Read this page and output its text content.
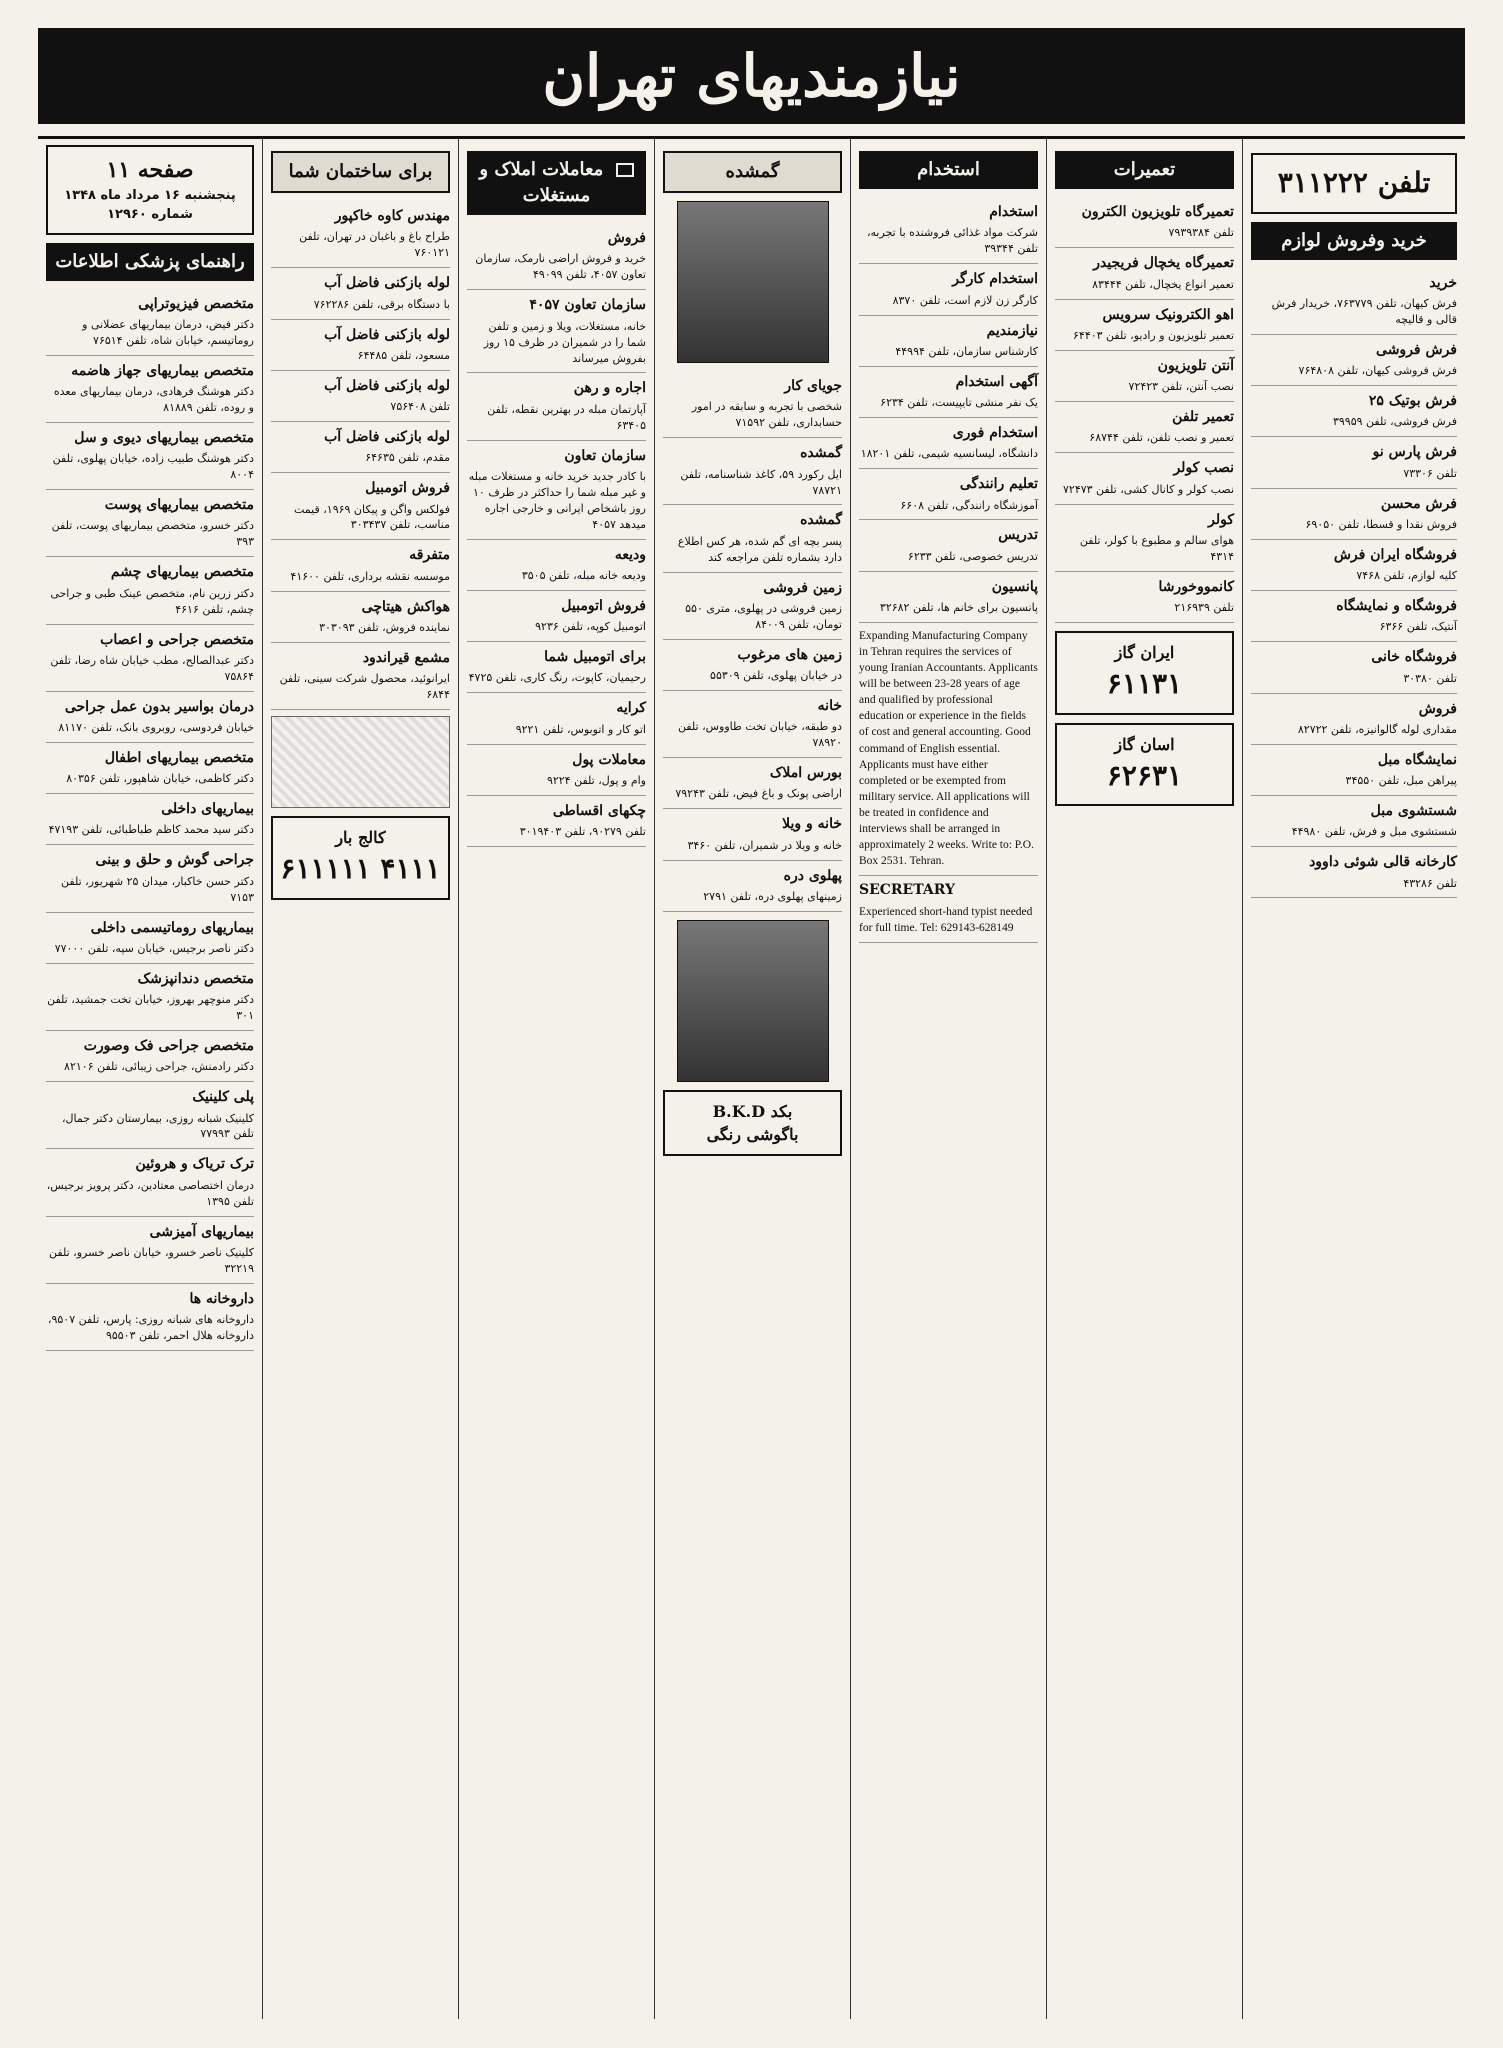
نیازمندیهای تهران
تلفن ۳۱۱۲۲۲
خرید وفروش لوازم
خرید

فرش کیهان، تلفن ۷۶۳۷۷۹، خریدار فرش قالی و قالیچه

فرش فروشی

فرش فروشی کیهان، تلفن ۷۶۴۸۰۸

فرش بوتیک ۲۵

فرش فروشی، تلفن ۳۹۹۵۹

فرش پارس نو

تلفن ۷۳۳۰۶

فرش محسن

فروش نقدا و قسطا، تلفن ۶۹۰۵۰

فروشگاه ایران فرش

کلیه لوازم، تلفن ۷۴۶۸

فروشگاه و نمایشگاه

آنتیک، تلفن ۶۳۶۶

فروشگاه خانی

تلفن ۳۰۳۸۰

فروش

مقداری لوله گالوانیزه، تلفن ۸۲۷۲۲

نمایشگاه مبل

پیراهن مبل، تلفن ۳۴۵۵۰

شستشوی مبل

شستشوی مبل و فرش، تلفن ۴۴۹۸۰

کارخانه قالی شوئی داوود

تلفن ۴۳۲۸۶

تعمیرات
تعمیرگاه تلویزیون الکترون

تلفن ۷۹۳۹۳۸۴

تعمیرگاه یخچال فریجیدر

تعمیر انواع یخچال، تلفن ۸۳۴۴۴

اهو الکترونیک سرویس

تعمیر تلویزیون و رادیو، تلفن ۶۴۴۰۳

آنتن تلویزیون

نصب آنتن، تلفن ۷۲۴۲۳

تعمیر تلفن

تعمیر و نصب تلفن، تلفن ۶۸۷۴۴

نصب کولر

نصب کولر و کانال کشی، تلفن ۷۲۴۷۳

کولر

هوای سالم و مطبوع با کولر، تلفن ۴۳۱۴

کانمووخورشا

تلفن ۲۱۶۹۳۹

ایران گاز
۶۱۱۳۱
اسان گاز
۶۲۶۳۱
استخدام
استخدام

شرکت مواد غذائی فروشنده با تجربه، تلفن ۳۹۳۴۴

استخدام کارگر

کارگر زن لازم است، تلفن ۸۳۷۰

نیازمندیم

کارشناس سازمان، تلفن ۴۴۹۹۴

آگهی استخدام

یک نفر منشی تایپیست، تلفن ۶۲۳۴

استخدام فوری

دانشگاه، لیسانسیه شیمی، تلفن ۱۸۲۰۱

تعلیم رانندگی

آموزشگاه رانندگی، تلفن ۶۶۰۸

تدریس

تدریس خصوصی، تلفن ۶۲۳۳

پانسیون

پانسیون برای خانم ها، تلفن ۳۲۶۸۲

Expanding Manufacturing Company in Tehran requires the services of young Iranian Accountants. Applicants will be between 23-28 years of age and qualified by professional education or experience in the fields of cost and general accounting. Good command of English essential. Applicants must have either completed or be exempted from military service. All applications will be treated in confidence and interviews shall be arranged in approximately 2 weeks. Write to: P.O. Box 2531. Tehran.
SECRETARY

Experienced short-hand typist needed for full time. Tel: 629143-628149

گمشده
جویای کار

شخصی با تجربه و سابقه در امور حسابداری، تلفن ۷۱۵۹۲

گمشده

ایل رکورد ۵۹، کاغذ شناسنامه، تلفن ۷۸۷۲۱

گمشده

پسر بچه ای گم شده، هر کس اطلاع دارد بشماره تلفن مراجعه کند

زمین فروشی

زمین فروشی در پهلوی، متری ۵۵۰ تومان، تلفن ۸۴۰۰۹

زمین های مرغوب

در خیابان پهلوی، تلفن ۵۵۳۰۹

خانه

دو طبقه، خیابان تخت طاووس، تلفن ۷۸۹۲۰

بورس املاک

اراضی پونک و باغ فیض، تلفن ۷۹۲۴۳

خانه و ویلا

خانه و ویلا در شمیران، تلفن ۳۴۶۰

پهلوی دره

زمینهای پهلوی دره، تلفن ۲۷۹۱

بکد B.K.D
باگوشی رنگی
معاملات املاک و مستغلات
فروش

خرید و فروش اراضی نارمک، سازمان تعاون ۴۰۵۷، تلفن ۴۹۰۹۹

سازمان تعاون ۴۰۵۷

خانه، مستغلات، ویلا و زمین و تلفن شما را در شمیران در ظرف ۱۵ روز بفروش میرساند

اجاره و رهن

آپارتمان مبله در بهترین نقطه، تلفن ۶۳۴۰۵

سازمان تعاون

با کادر جدید خرید خانه و مستغلات مبله و غیر مبله شما را حداکثر در ظرف ۱۰ روز باشخاص ایرانی و خارجی اجاره میدهد ۴۰۵۷

ودیعه

ودیعه خانه مبله، تلفن ۳۵۰۵

فروش اتومبیل

اتومبیل کوپه، تلفن ۹۲۳۶

برای اتومبیل شما

رحیمیان، کاپوت، رنگ کاری، تلفن ۴۷۲۵

کرایه

اتو کار و اتوبوس، تلفن ۹۲۲۱

معاملات پول

وام و پول، تلفن ۹۲۲۴

چکهای اقساطی

تلفن ۹۰۲۷۹، تلفن ۳۰۱۹۴۰۳

برای ساختمان شما
مهندس کاوه خاکپور

طراح باغ و باغبان در تهران، تلفن ۷۶۰۱۲۱

لوله بازکنی فاضل آب

با دستگاه برقی، تلفن ۷۶۲۲۸۶

لوله بازکنی فاضل آب

مسعود، تلفن ۶۴۴۸۵

لوله بازکنی فاضل آب

تلفن ۷۵۶۴۰۸

لوله بازکنی فاضل آب

مقدم، تلفن ۶۴۶۳۵

فروش اتومبیل

فولکس واگن و پیکان ۱۹۶۹، قیمت مناسب، تلفن ۳۰۳۴۳۷

متفرقه

موسسه نقشه برداری، تلفن ۴۱۶۰۰

هواکش هیتاچی

نماینده فروش، تلفن ۳۰۳۰۹۳

مشمع قیراندود

ایرانوئید، محصول شرکت سینی، تلفن ۶۸۴۴

کالج بار
۴۱۱۱ ۶۱۱۱۱۱
صفحه ۱۱
پنجشنبه ۱۶ مرداد ماه ۱۳۴۸
شماره ۱۲۹۶۰
راهنمای پزشکی اطلاعات
متخصص فیزیوتراپی

دکتر فیض، درمان بیماریهای عضلانی و روماتیسم، خیابان شاه، تلفن ۷۶۵۱۴

متخصص بیماریهای جهاز هاضمه

دکتر هوشنگ فرهادی، درمان بیماریهای معده و روده، تلفن ۸۱۸۸۹

متخصص بیماریهای دیوی و سل

دکتر هوشنگ طبیب زاده، خیابان پهلوی، تلفن ۸۰۰۴

متخصص بیماریهای پوست

دکتر خسرو، متخصص بیماریهای پوست، تلفن ۳۹۳

متخصص بیماریهای چشم

دکتر زرین نام، متخصص عینک طبی و جراحی چشم، تلفن ۴۶۱۶

متخصص جراحی و اعصاب

دکتر عبدالصالح، مطب خیابان شاه رضا، تلفن ۷۵۸۶۴

درمان بواسیر بدون عمل جراحی

خیابان فردوسی، روبروی بانک، تلفن ۸۱۱۷۰

متخصص بیماریهای اطفال

دکتر کاظمی، خیابان شاهپور، تلفن ۸۰۳۵۶

بیماریهای داخلی

دکتر سید محمد کاظم طباطبائی، تلفن ۴۷۱۹۳

جراحی گوش و حلق و بینی

دکتر حسن خاکبار، میدان ۲۵ شهریور، تلفن ۷۱۵۳

بیماریهای روماتیسمی داخلی

دکتر ناصر برجیس، خیابان سپه، تلفن ۷۷۰۰۰

متخصص دندانپزشک

دکتر منوچهر بهروز، خیابان تخت جمشید، تلفن ۳۰۱

متخصص جراحی فک وصورت

دکتر رادمنش، جراحی زیبائی، تلفن ۸۲۱۰۶

پلی کلینیک

کلینیک شبانه روزی، بیمارستان دکتر جمال، تلفن ۷۷۹۹۳

ترک تریاک و هروئین

درمان اختصاصی معتادین، دکتر پرویز برجیس، تلفن ۱۳۹۵

بیماریهای آمیزشی

کلینیک ناصر خسرو، خیابان ناصر خسرو، تلفن ۳۲۲۱۹

داروخانه ها

داروخانه های شبانه روزی: پارس، تلفن ۹۵۰۷، داروخانه هلال احمر، تلفن ۹۵۵۰۳
